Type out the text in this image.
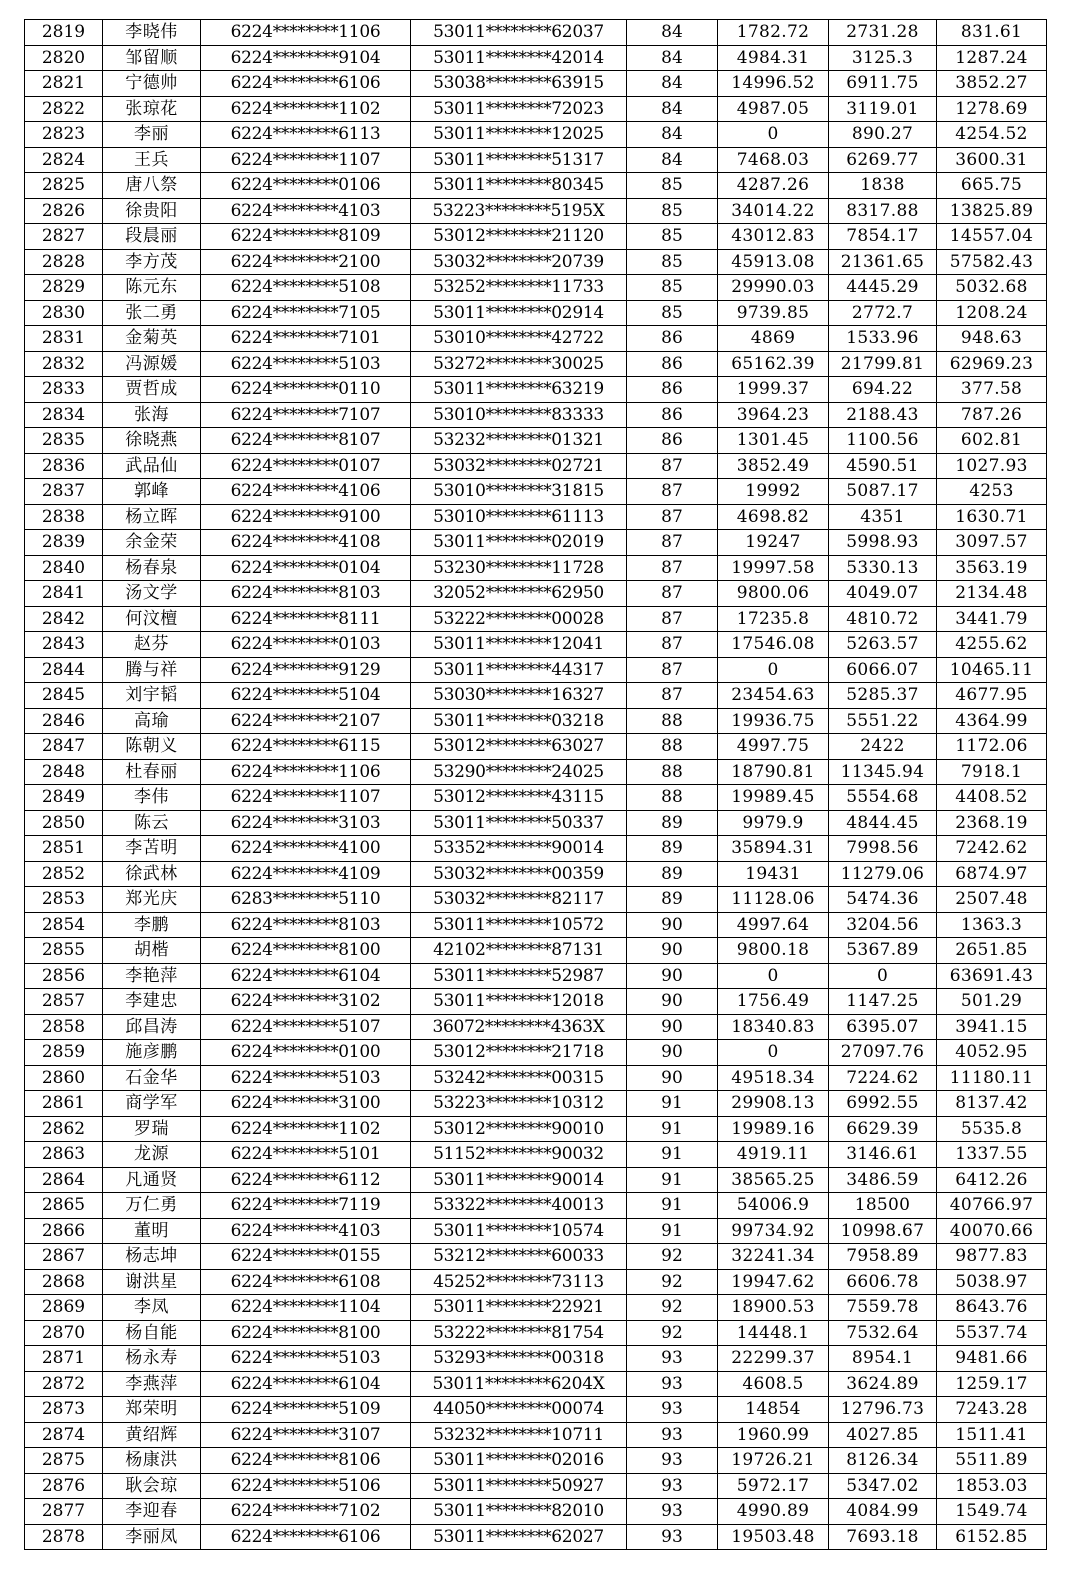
2819	李晓伟	6224********1106	53011********62037	84	1782.72	2731.28	831.61
2820	邹留顺	6224********9104	53011********42014	84	4984.31	3125.3	1287.24
2821	宁德帅	6224********6106	53038********63915	84	14996.52	6911.75	3852.27
2822	张琼花	6224********1102	53011********72023	84	4987.05	3119.01	1278.69
2823	李丽	6224********6113	53011********12025	84	0	890.27	4254.52
2824	王兵	6224********1107	53011********51317	84	7468.03	6269.77	3600.31
2825	唐八祭	6224********0106	53011********80345	85	4287.26	1838	665.75
2826	徐贵阳	6224********4103	53223********5195X	85	34014.22	8317.88	13825.89
2827	段晨丽	6224********8109	53012********21120	85	43012.83	7854.17	14557.04
2828	李方茂	6224********2100	53032********20739	85	45913.08	21361.65	57582.43
2829	陈元东	6224********5108	53252********11733	85	29990.03	4445.29	5032.68
2830	张二勇	6224********7105	53011********02914	85	9739.85	2772.7	1208.24
2831	金菊英	6224********7101	53010********42722	86	4869	1533.96	948.63
2832	冯源媛	6224********5103	53272********30025	86	65162.39	21799.81	62969.23
2833	贾哲成	6224********0110	53011********63219	86	1999.37	694.22	377.58
2834	张海	6224********7107	53010********83333	86	3964.23	2188.43	787.26
2835	徐晓燕	6224********8107	53232********01321	86	1301.45	1100.56	602.81
2836	武品仙	6224********0107	53032********02721	87	3852.49	4590.51	1027.93
2837	郭峰	6224********4106	53010********31815	87	19992	5087.17	4253
2838	杨立晖	6224********9100	53010********61113	87	4698.82	4351	1630.71
2839	余金荣	6224********4108	53011********02019	87	19247	5998.93	3097.57
2840	杨春泉	6224********0104	53230********11728	87	19997.58	5330.13	3563.19
2841	汤文学	6224********8103	32052********62950	87	9800.06	4049.07	2134.48
2842	何汶檀	6224********8111	53222********00028	87	17235.8	4810.72	3441.79
2843	赵芬	6224********0103	53011********12041	87	17546.08	5263.57	4255.62
2844	腾与祥	6224********9129	53011********44317	87	0	6066.07	10465.11
2845	刘宇韬	6224********5104	53030********16327	87	23454.63	5285.37	4677.95
2846	高瑜	6224********2107	53011********03218	88	19936.75	5551.22	4364.99
2847	陈朝义	6224********6115	53012********63027	88	4997.75	2422	1172.06
2848	杜春丽	6224********1106	53290********24025	88	18790.81	11345.94	7918.1
2849	李伟	6224********1107	53012********43115	88	19989.45	5554.68	4408.52
2850	陈云	6224********3103	53011********50337	89	9979.9	4844.45	2368.19
2851	李苫明	6224********4100	53352********90014	89	35894.31	7998.56	7242.62
2852	徐武林	6224********4109	53032********00359	89	19431	11279.06	6874.97
2853	郑光庆	6283********5110	53032********82117	89	11128.06	5474.36	2507.48
2854	李鹏	6224********8103	53011********10572	90	4997.64	3204.56	1363.3
2855	胡楷	6224********8100	42102********87131	90	9800.18	5367.89	2651.85
2856	李艳萍	6224********6104	53011********52987	90	0	0	63691.43
2857	李建忠	6224********3102	53011********12018	90	1756.49	1147.25	501.29
2858	邱昌涛	6224********5107	36072********4363X	90	18340.83	6395.07	3941.15
2859	施彦鹏	6224********0100	53012********21718	90	0	27097.76	4052.95
2860	石金华	6224********5103	53242********00315	90	49518.34	7224.62	11180.11
2861	商学军	6224********3100	53223********10312	91	29908.13	6992.55	8137.42
2862	罗瑞	6224********1102	53012********90010	91	19989.16	6629.39	5535.8
2863	龙源	6224********5101	51152********90032	91	4919.11	3146.61	1337.55
2864	凡通贤	6224********6112	53011********90014	91	38565.25	3486.59	6412.26
2865	万仁勇	6224********7119	53322********40013	91	54006.9	18500	40766.97
2866	董明	6224********4103	53011********10574	91	99734.92	10998.67	40070.66
2867	杨志坤	6224********0155	53212********60033	92	32241.34	7958.89	9877.83
2868	谢洪星	6224********6108	45252********73113	92	19947.62	6606.78	5038.97
2869	李凤	6224********1104	53011********22921	92	18900.53	7559.78	8643.76
2870	杨自能	6224********8100	53222********81754	92	14448.1	7532.64	5537.74
2871	杨永寿	6224********5103	53293********00318	93	22299.37	8954.1	9481.66
2872	李燕萍	6224********6104	53011********6204X	93	4608.5	3624.89	1259.17
2873	郑荣明	6224********5109	44050********00074	93	14854	12796.73	7243.28
2874	黄绍辉	6224********3107	53232********10711	93	1960.99	4027.85	1511.41
2875	杨康洪	6224********8106	53011********02016	93	19726.21	8126.34	5511.89
2876	耿会琼	6224********5106	53011********50927	93	5972.17	5347.02	1853.03
2877	李迎春	6224********7102	53011********82010	93	4990.89	4084.99	1549.74
2878	李丽凤	6224********6106	53011********62027	93	19503.48	7693.18	6152.85
